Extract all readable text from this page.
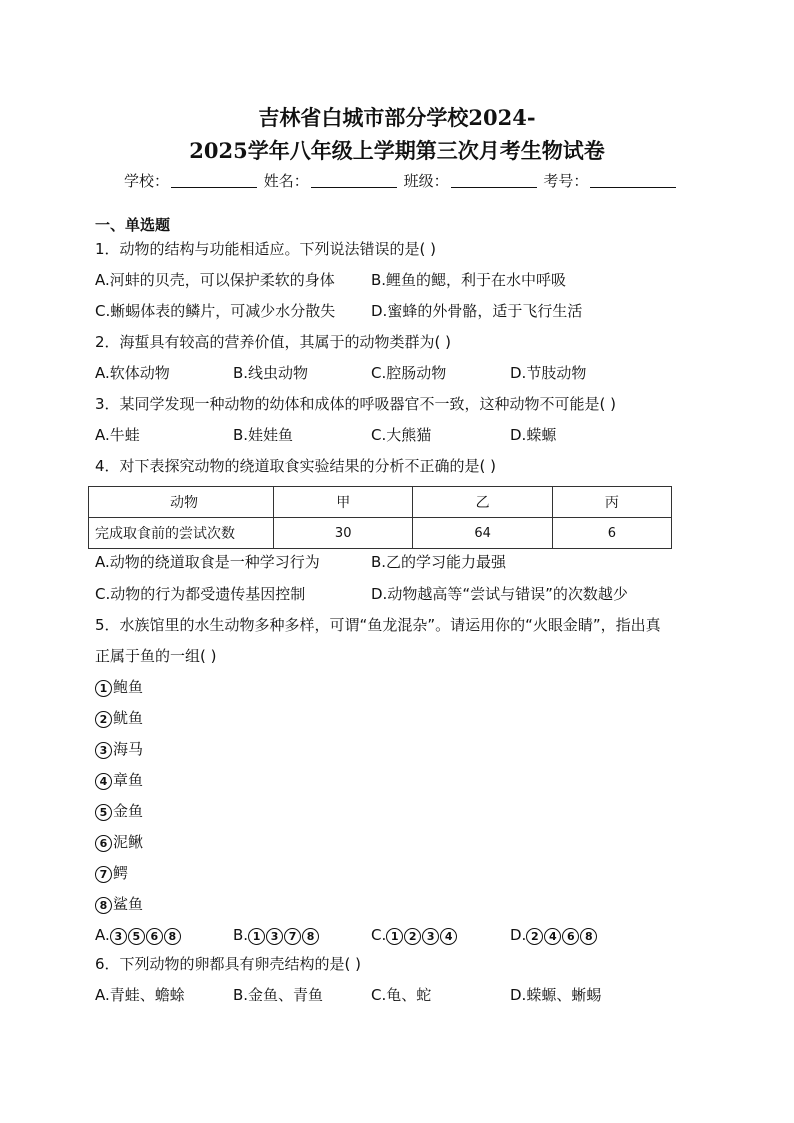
吉林省白城市部分学校2024-
2025学年八年级上学期第三次月考生物试卷
学校：	姓名：	班级：	考号：
一、单选题
1．动物的结构与功能相适应。下列说法错误的是( )
A.河蚌的贝壳，可以保护柔软的身体 B.鲤鱼的鳃，利于在水中呼吸
C.蜥蜴体表的鳞片，可减少水分散失 D.蜜蜂的外骨骼，适于飞行生活
2．海蜇具有较高的营养价值，其属于的动物类群为( )
A.软体动物	B.线虫动物	C.腔肠动物	D.节肢动物
3．某同学发现一种动物的幼体和成体的呼吸器官不一致，这种动物不可能是( )
A.牛蛙	B.娃娃鱼	C.大熊猫	D.蝾螈
4．对下表探究动物的绕道取食实验结果的分析不正确的是( )
动物	甲	乙	丙
完成取食前的尝试次数	30	64	6
A.动物的绕道取食是一种学习行为	B.乙的学习能力最强
C.动物的行为都受遗传基因控制	D.动物越高等“尝试与错误”的次数越少
5．水族馆里的水生动物多种多样，可谓“鱼龙混杂”。请运用你的“火眼金睛”，指出真
正属于鱼的一组( )
1 鲍鱼
2 鱿鱼
3 海马
4 章鱼
5 金鱼
6 泥鳅
7 鳄
8 鲨鱼
A. 3 5 6 8	B. 1 3 7 8	C. 1 2 3 4	D. 2 4 6 8
6．下列动物的卵都具有卵壳结构的是( )
A.青蛙、蟾蜍	B.金鱼、青鱼	C.龟、蛇	D.蝾螈、蜥蜴
